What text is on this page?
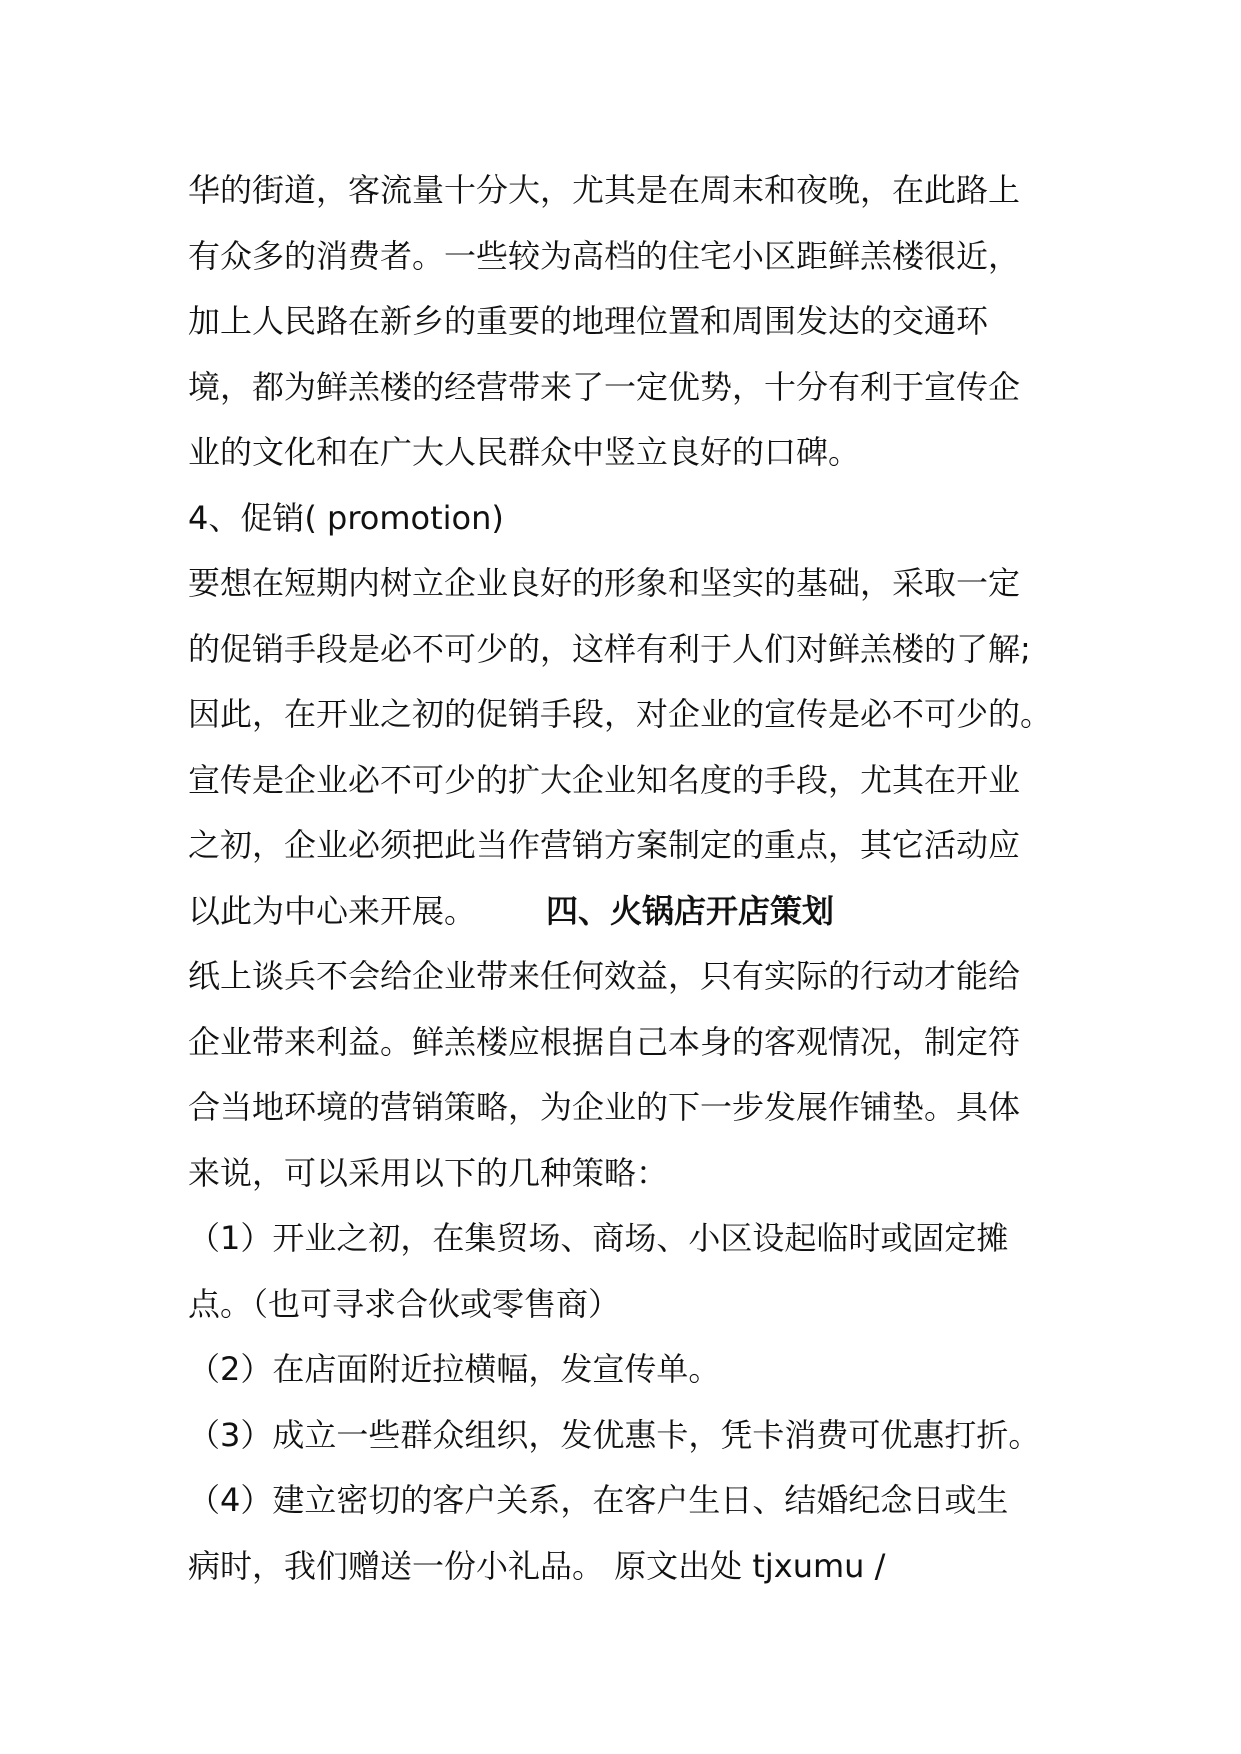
华的街道，客流量十分大，尤其是在周末和夜晚，在此路上
有众多的消费者。一些较为高档的住宅小区距鲜羔楼很近，
加上人民路在新乡的重要的地理位置和周围发达的交通环
境，都为鲜羔楼的经营带来了一定优势，十分有利于宣传企
业的文化和在广大人民群众中竖立良好的口碑。
4、促销( promotion)
要想在短期内树立企业良好的形象和坚实的基础，采取一定
的促销手段是必不可少的，这样有利于人们对鲜羔楼的了解;
因此，在开业之初的促销手段，对企业的宣传是必不可少的。
宣传是企业必不可少的扩大企业知名度的手段，尤其在开业
之初，企业必须把此当作营销方案制定的重点，其它活动应
以此为中心来开展。 四、火锅店开店策划
纸上谈兵不会给企业带来任何效益，只有实际的行动才能给
企业带来利益。鲜羔楼应根据自己本身的客观情况，制定符
合当地环境的营销策略，为企业的下一步发展作铺垫。具体
来说，可以采用以下的几种策略：
（1）开业之初，在集贸场、商场、小区设起临时或固定摊
点。（也可寻求合伙或零售商）
（2）在店面附近拉横幅，发宣传单。
（3）成立一些群众组织，发优惠卡，凭卡消费可优惠打折。
（4）建立密切的客户关系，在客户生日、结婚纪念日或生
病时，我们赠送一份小礼品。 原文出处 tjxumu /
